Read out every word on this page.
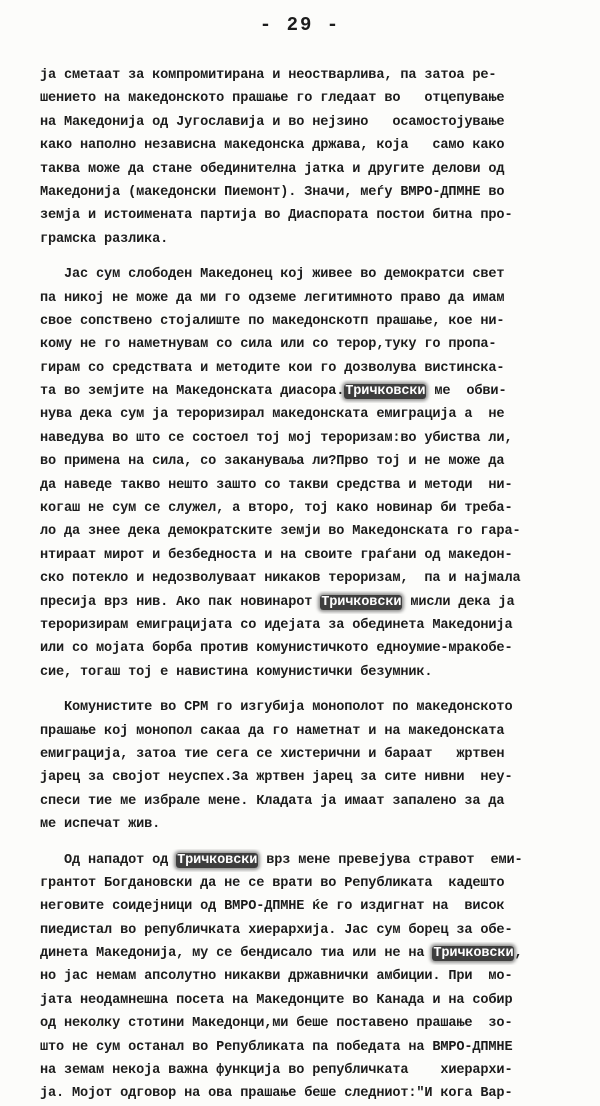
- 29 -
ја сметаат за компромитирана и неостварлива, па затоа ре-
шението на македонското прашање го гледаат во   отцепување
на Македонија од Југославија и во нејзино   осамостојување
како наполно независна македонска држава, која   само како
таква може да стане обединителна јатка и другите делови од
Македонија (македонски Пиемонт). Значи, меѓу ВМРО-ДПМНЕ во
земја и истоимената партија во Диаспората постои битна про-
грамска разлика.
Јас сум слободен Македонец кој живее во демократси свет
па никој не може да ми го одземе легитимното право да имам
свое сопствено стојалиште по македонскотп прашање, кое ни-
кому не го наметнувам со сила или со терор,туку го пропа-
гирам со средствата и методите кои го дозволува вистинска-
та во земјите на Македонската диасора.Тричковски ме  обви-
нува дека сум ја тероризирал македонската емиграција а  не
наведува во што се состоел тој мој тероризам:во убиства ли,
во примена на сила, со закануваља ли?Прво тој и не може да
да наведе такво нешто зашто со такви средства и методи  ни-
когаш не сум се служел, а второ, тој како новинар би треба-
ло да знее дека демократските земји во Македонската го гара-
нтираат мирот и безбедноста и на своите граѓани од македон-
ско потекло и недозволуваат никаков тероризам,  па и најмала
пресија врз нив. Ако пак новинарот Тричковски мисли дека ја
тероризирам емиграцијата со идејата за обединета Македонија
или со мојата борба против комунистичкото едноумие-мракобе-
сие, тогаш тој е навистина комунистички безумник.
Комунистите во СРМ го изгубија монополот по македонското
прашање кој монопол сакаа да го наметнат и на македонската
емиграција, затоа тие сега се хистерични и бараат   жртвен
јарец за својот неуспех.За жртвен јарец за сите нивни  неу-
спеси тие ме избрале мене. Кладата ја имаат запалено за да
ме испечат жив.
Од нападот од Тричковски врз мене превејува стравот  еми-
грантот Богдановски да не се врати во Републиката  кадешто
неговите соидејници од ВМРО-ДПМНЕ ќе го издигнат на  висок
пиедистал во републичката хиерархија. Јас сум борец за обе-
динета Македонија, му се бендисало тиа или не на Тричковски,
но јас немам апсолутно никакви државнички амбиции. При  мо-
јата неодамнешна посета на Македонците во Канада и на собир
од неколку стотини Македонци,ми беше поставено прашање  зо-
што не сум останал во Републиката па победата на ВМРО-ДПМНЕ
на земам некоја важна функција во републичката    хиерархи-
ја. Мојот одговор на ова прашање беше следниот:"И кога Вар-
